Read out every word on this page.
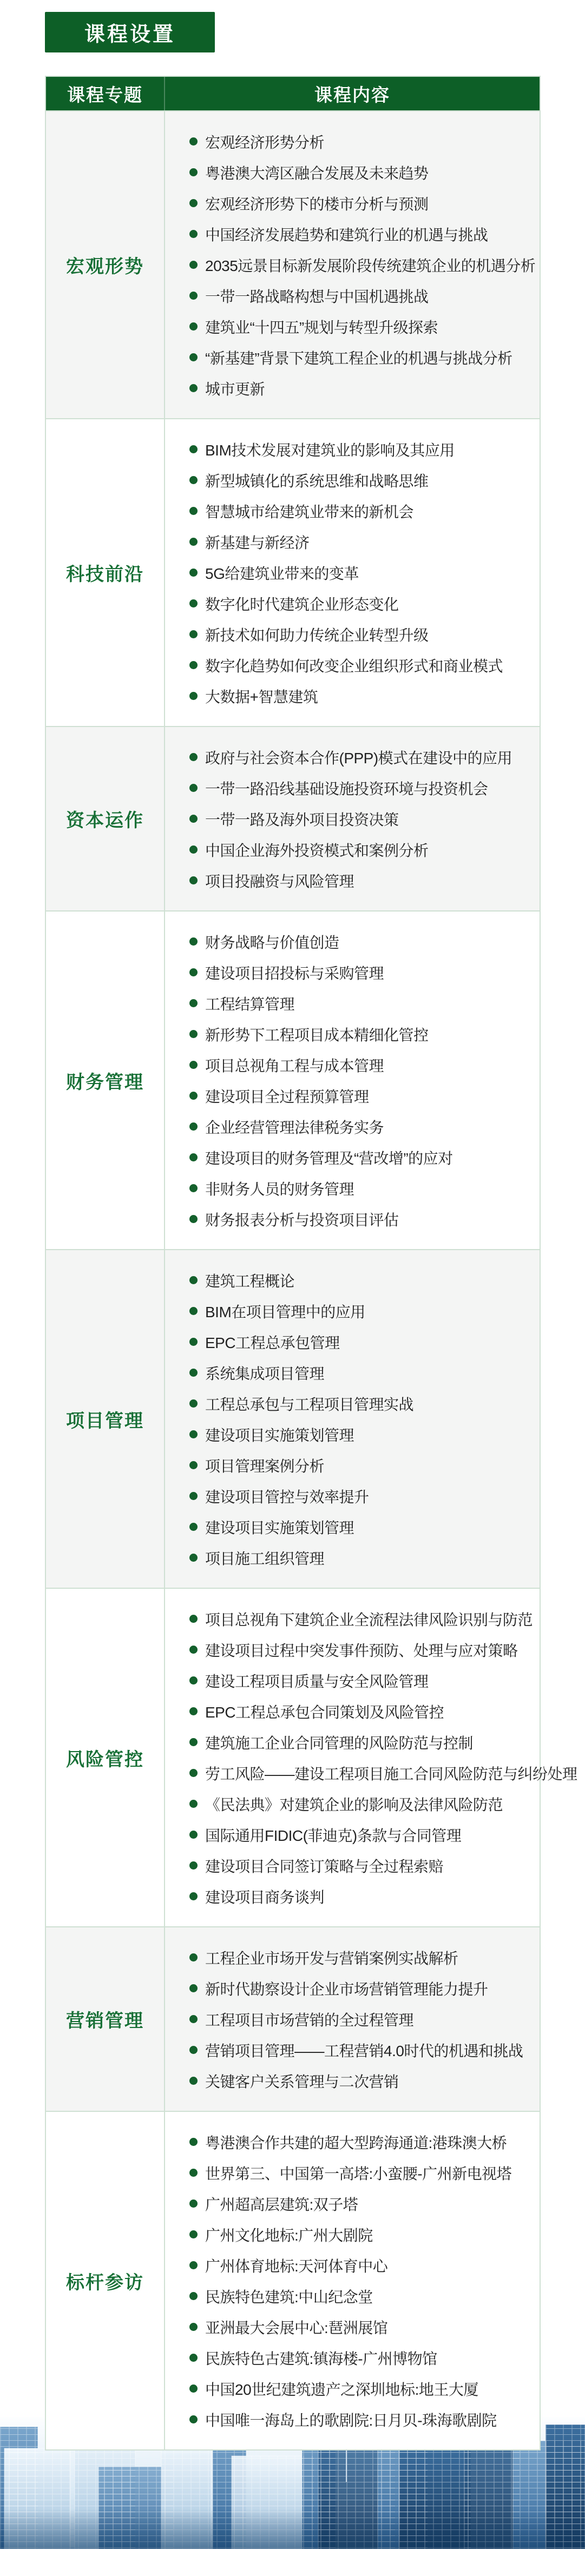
课程设置
课程专题	课程内容
宏观形势
宏观经济形势分析
粤港澳大湾区融合发展及未来趋势
宏观经济形势下的楼市分析与预测
中国经济发展趋势和建筑行业的机遇与挑战
2035远景目标新发展阶段传统建筑企业的机遇分析
一带一路战略构想与中国机遇挑战
建筑业“十四五”规划与转型升级探索
“新基建”背景下建筑工程企业的机遇与挑战分析
城市更新
科技前沿
BIM技术发展对建筑业的影响及其应用
新型城镇化的系统思维和战略思维
智慧城市给建筑业带来的新机会
新基建与新经济
5G给建筑业带来的变革
数字化时代建筑企业形态变化
新技术如何助力传统企业转型升级
数字化趋势如何改变企业组织形式和商业模式
大数据+智慧建筑
资本运作
政府与社会资本合作(PPP)模式在建设中的应用
一带一路沿线基础设施投资环境与投资机会
一带一路及海外项目投资决策
中国企业海外投资模式和案例分析
项目投融资与风险管理
财务管理
财务战略与价值创造
建设项目招投标与采购管理
工程结算管理
新形势下工程项目成本精细化管控
项目总视角工程与成本管理
建设项目全过程预算管理
企业经营管理法律税务实务
建设项目的财务管理及“营改增”的应对
非财务人员的财务管理
财务报表分析与投资项目评估
项目管理
建筑工程概论
BIM在项目管理中的应用
EPC工程总承包管理
系统集成项目管理
工程总承包与工程项目管理实战
建设项目实施策划管理
项目管理案例分析
建设项目管控与效率提升
建设项目实施策划管理
项目施工组织管理
风险管控
项目总视角下建筑企业全流程法律风险识别与防范
建设项目过程中突发事件预防、处理与应对策略
建设工程项目质量与安全风险管理
EPC工程总承包合同策划及风险管控
建筑施工企业合同管理的风险防范与控制
劳工风险——建设工程项目施工合同风险防范与纠纷处理
《民法典》对建筑企业的影响及法律风险防范
国际通用FIDIC(菲迪克)条款与合同管理
建设项目合同签订策略与全过程索赔
建设项目商务谈判
营销管理
工程企业市场开发与营销案例实战解析
新时代勘察设计企业市场营销管理能力提升
工程项目市场营销的全过程管理
营销项目管理——工程营销4.0时代的机遇和挑战
关键客户关系管理与二次营销
标杆参访
粤港澳合作共建的超大型跨海通道:港珠澳大桥
世界第三、中国第一高塔:小蛮腰-广州新电视塔
广州超高层建筑:双子塔
广州文化地标:广州大剧院
广州体育地标:天河体育中心
民族特色建筑:中山纪念堂
亚洲最大会展中心:琶洲展馆
民族特色古建筑:镇海楼-广州博物馆
中国20世纪建筑遗产之深圳地标:地王大厦
中国唯一海岛上的歌剧院:日月贝-珠海歌剧院
